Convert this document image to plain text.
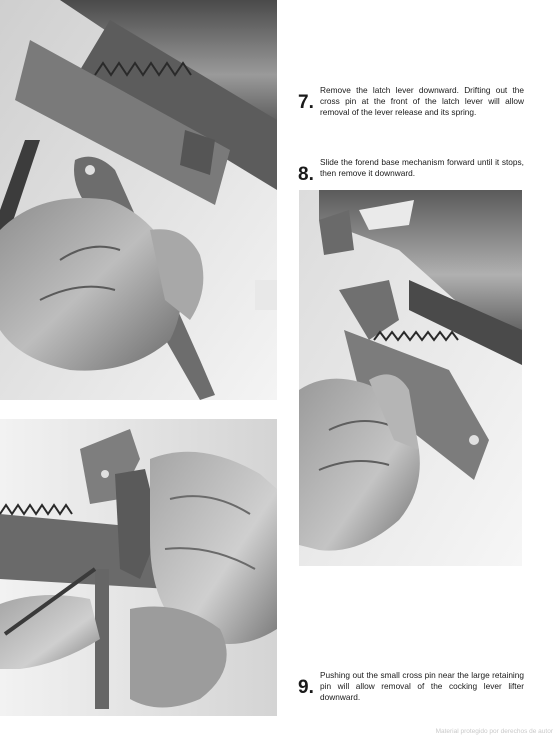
7.
Remove the latch lever downward. Drifting out the cross pin at the front of the latch lever will allow removal of the lever release and its spring.
8.
Slide the forend base mechanism forward until it stops, then remove it downward.
9.
Pushing out the small cross pin near the large retaining pin will allow removal of the cocking lever lifter downward.
Material protegido por derechos de autor
